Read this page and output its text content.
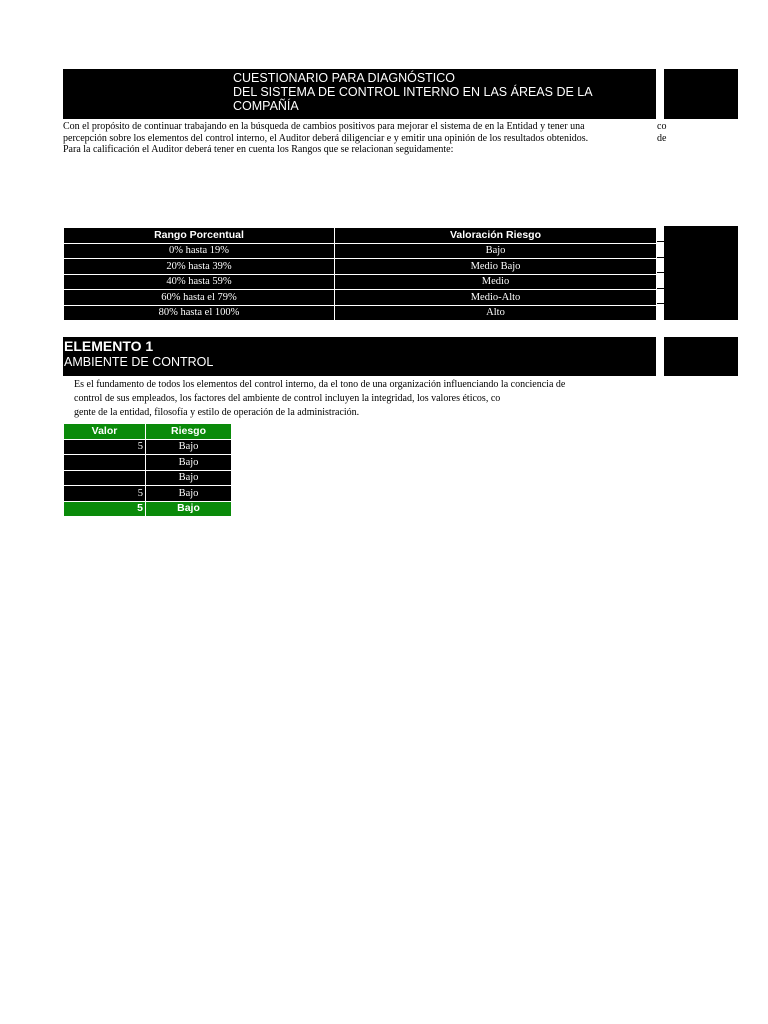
CUESTIONARIO PARA DIAGNÓSTICO
DEL SISTEMA DE CONTROL INTERNO EN LAS ÁREAS DE LA
COMPAÑÍA

Con el propósito de continuar trabajando en la búsqueda de cambios positivos para mejorar el sistema de en la Entidad y tener una

percepción sobre los elementos del control interno, el Auditor deberá diligenciar e y emitir una opinión de los resultados obtenidos.

Para la calificación el Auditor deberá tener en cuenta los Rangos que se relacionan seguidamente:

co
de
Rango Porcentual	Valoración Riesgo
0% hasta 19%	Bajo
20% hasta 39%	Medio Bajo
40% hasta 59%	Medio
60% hasta el 79%	Medio-Alto
80% hasta el 100%	Alto
ELEMENTO 1
AMBIENTE DE CONTROL

Es el fundamento de todos los elementos del control interno, da el tono de una organización influenciando la conciencia de

control de sus empleados, los factores del ambiente de control incluyen la integridad, los valores éticos, co

gente de la entidad, filosofía y estilo de operación de la administración.

Valor	Riesgo
5	Bajo
	Bajo
	Bajo
5	Bajo
5	Bajo
